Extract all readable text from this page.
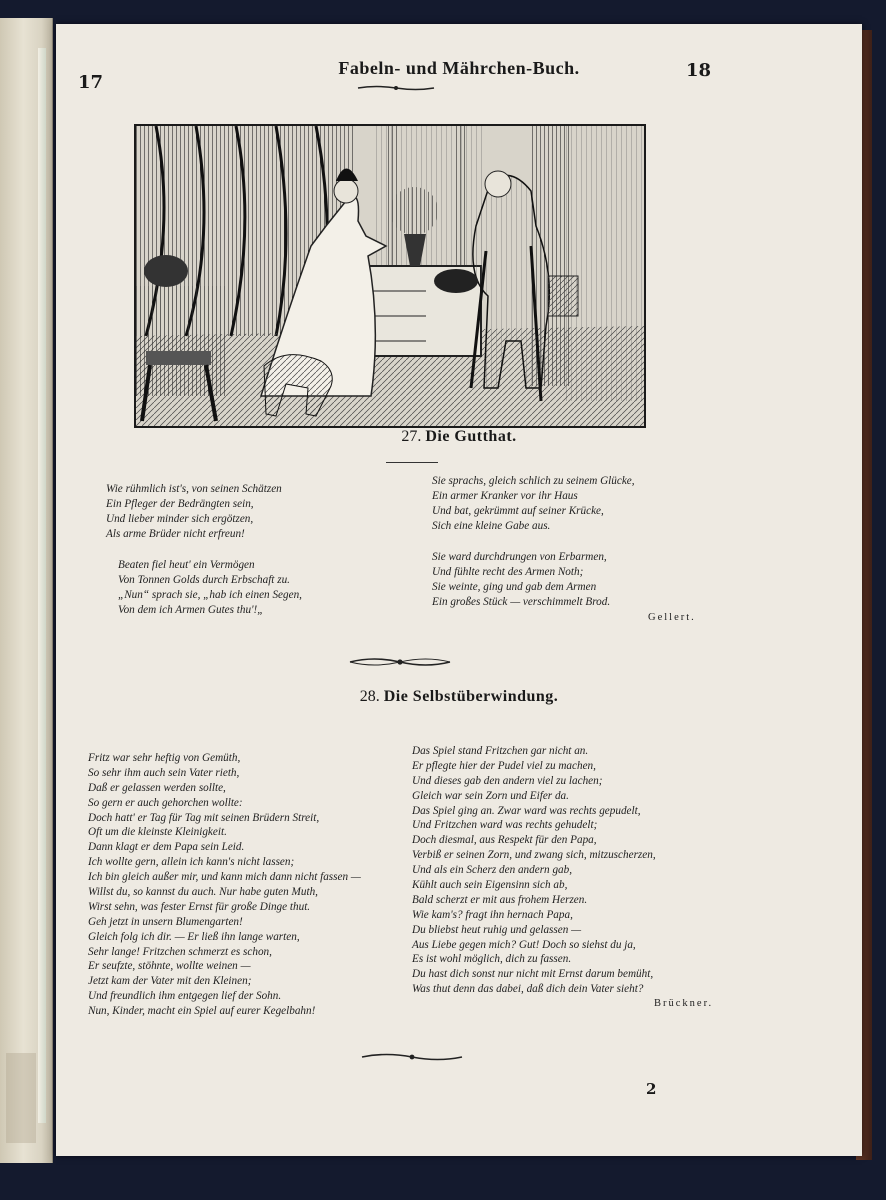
17
Fabeln- und Mährchen-Buch.	18
27. Die Gutthat.
Wie rühmlich ist's, von seinen Schätzen
Ein Pfleger der Bedrängten sein,
Und lieber minder sich ergötzen,
Als arme Brüder nicht erfreun!
Beaten fiel heut' ein Vermögen
Von Tonnen Golds durch Erbschaft zu.
„Nun“ sprach sie, „hab ich einen Segen,
Von dem ich Armen Gutes thu'!„
Sie sprachs, gleich schlich zu seinem Glücke,
Ein armer Kranker vor ihr Haus
Und bat, gekrümmt auf seiner Krücke,
Sich eine kleine Gabe aus.
Sie ward durchdrungen von Erbarmen,
Und fühlte recht des Armen Noth;
Sie weinte, ging und gab dem Armen
Ein großes Stück — verschimmelt Brod.
Gellert.
28. Die Selbstüberwindung.
Fritz war sehr heftig von Gemüth,
So sehr ihm auch sein Vater rieth,
Daß er gelassen werden sollte,
So gern er auch gehorchen wollte:
Doch hatt' er Tag für Tag mit seinen Brüdern Streit,
Oft um die kleinste Kleinigkeit.
Dann klagt er dem Papa sein Leid.
Ich wollte gern, allein ich kann's nicht lassen;
Ich bin gleich außer mir, und kann mich dann nicht fassen —
Willst du, so kannst du auch. Nur habe guten Muth,
Wirst sehn, was fester Ernst für große Dinge thut.
Geh jetzt in unsern Blumengarten!
Gleich folg ich dir. — Er ließ ihn lange warten,
Sehr lange! Fritzchen schmerzt es schon,
Er seufzte, stöhnte, wollte weinen —
Jetzt kam der Vater mit den Kleinen;
Und freundlich ihm entgegen lief der Sohn.
Nun, Kinder, macht ein Spiel auf eurer Kegelbahn!
Das Spiel stand Fritzchen gar nicht an.
Er pflegte hier der Pudel viel zu machen,
Und dieses gab den andern viel zu lachen;
Gleich war sein Zorn und Eifer da.
Das Spiel ging an. Zwar ward was rechts gepudelt,
Und Fritzchen ward was rechts gehudelt;
Doch diesmal, aus Respekt für den Papa,
Verbiß er seinen Zorn, und zwang sich, mitzuscherzen,
Und als ein Scherz den andern gab,
Kühlt auch sein Eigensinn sich ab,
Bald scherzt er mit aus frohem Herzen.
Wie kam's? fragt ihn hernach Papa,
Du bliebst heut ruhig und gelassen —
Aus Liebe gegen mich? Gut! Doch so siehst du ja,
Es ist wohl möglich, dich zu fassen.
Du hast dich sonst nur nicht mit Ernst darum bemüht,
Was thut denn das dabei, daß dich dein Vater sieht?
Brückner.
2
